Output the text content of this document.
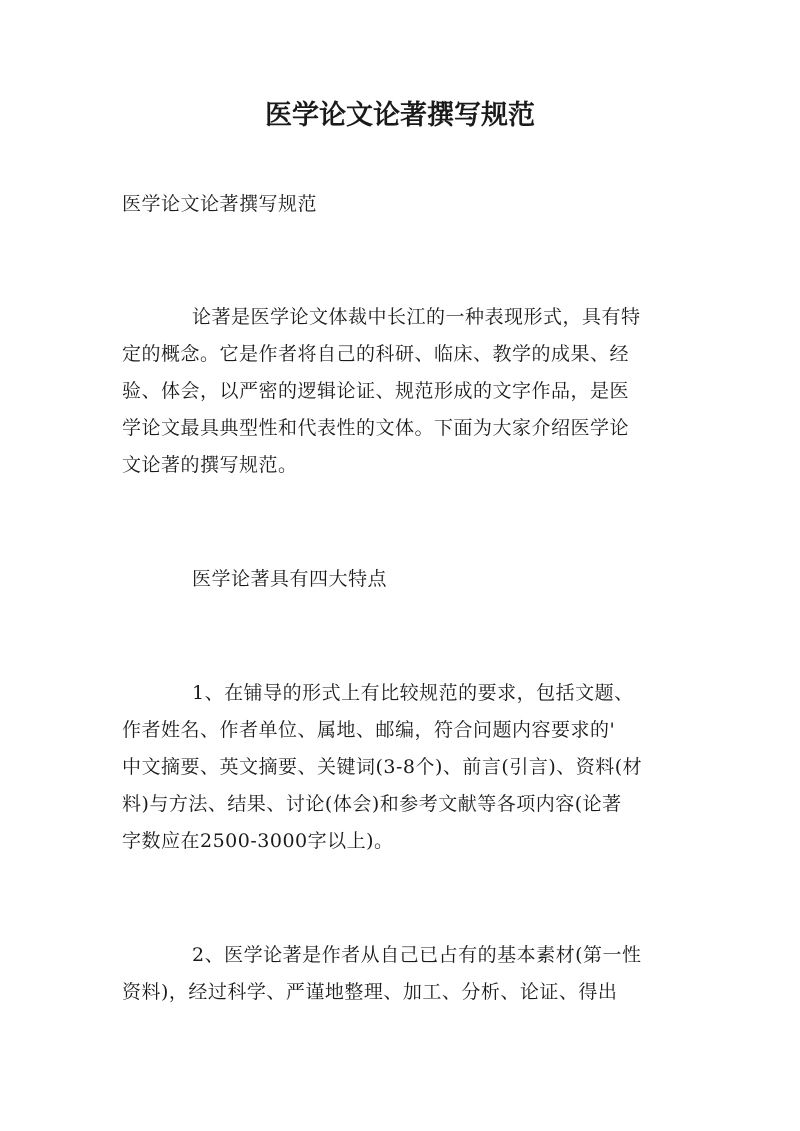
医学论文论著撰写规范
医学论文论著撰写规范
论著是医学论文体裁中长江的一种表现形式，具有特
定的概念。它是作者将自己的科研、临床、教学的成果、经
验、体会，以严密的逻辑论证、规范形成的文字作品，是医
学论文最具典型性和代表性的文体。下面为大家介绍医学论
文论著的撰写规范。
医学论著具有四大特点
1、在铺导的形式上有比较规范的要求，包括文题、
作者姓名、作者单位、属地、邮编，符合问题内容要求的'
中文摘要、英文摘要、关键词(3-8个)、前言(引言)、资料(材
料)与方法、结果、讨论(体会)和参考文献等各项内容(论著
字数应在2500-3000字以上)。
2、医学论著是作者从自己已占有的基本素材(第一性
资料)，经过科学、严谨地整理、加工、分析、论证、得出
